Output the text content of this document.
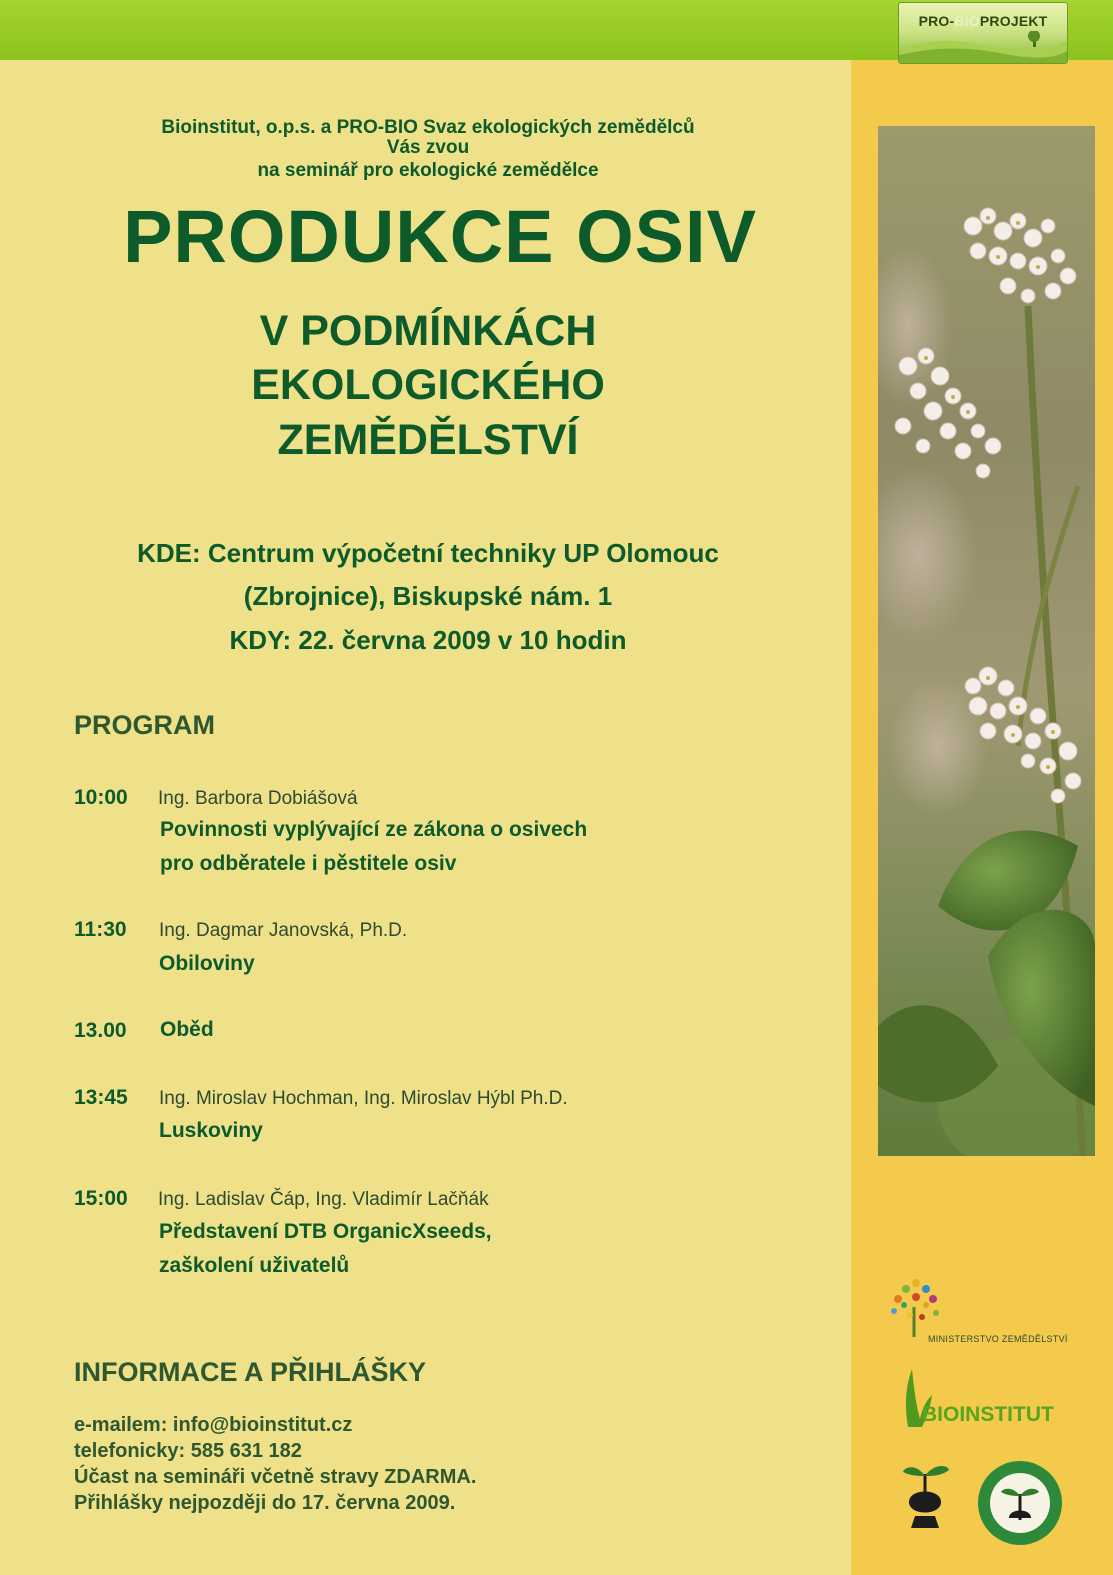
PRO-BIOPROJEKT
Bioinstitut, o.p.s. a PRO-BIO Svaz ekologických zemědělců
Vás zvou
na seminář pro ekologické zemědělce
PRODUKCE OSIV
V PODMÍNKÁCH
EKOLOGICKÉHO
ZEMĚDĚLSTVÍ
KDE: Centrum výpočetní techniky UP Olomouc
(Zbrojnice), Biskupské nám. 1
KDY: 22. června 2009 v 10 hodin
PROGRAM
10:00 Ing. Barbora Dobiášová
Povinnosti vyplývající ze zákona o osivech
pro odběratele i pěstitele osiv
11:30 Ing. Dagmar Janovská, Ph.D.
Obiloviny
13.00 Oběd
13:45 Ing. Miroslav Hochman, Ing. Miroslav Hýbl Ph.D.
Luskoviny
15:00 Ing. Ladislav Čáp, Ing. Vladimír Lačňák
Představení DTB OrganicXseeds,
zaškolení uživatelů
INFORMACE A PŘIHLÁŠKY
e-mailem: info@bioinstitut.cz
telefonicky: 585 631 182
Účast na semináři včetně stravy ZDARMA.
Přihlášky nejpozději do 17. června 2009.
MINISTERSTVO ZEMĚDĚLSTVÍ
BIOINSTITUT
